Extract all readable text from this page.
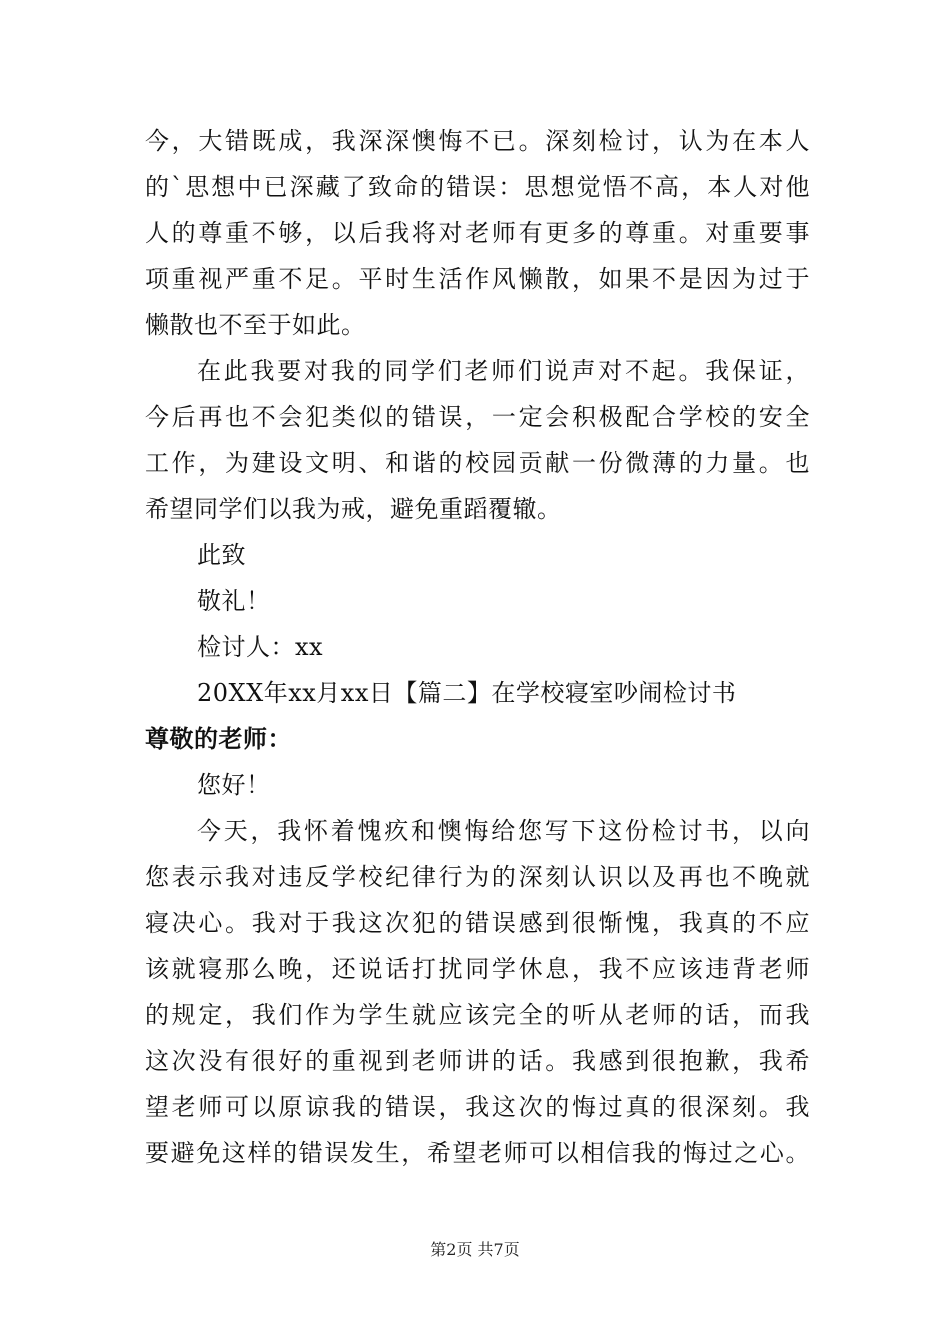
今，大错既成，我深深懊悔不已。深刻检讨，认为在本人
的`思想中已深藏了致命的错误：思想觉悟不高，本人对他
人的尊重不够，以后我将对老师有更多的尊重。对重要事
项重视严重不足。平时生活作风懒散，如果不是因为过于
懒散也不至于如此。
在此我要对我的同学们老师们说声对不起。我保证，
今后再也不会犯类似的错误，一定会积极配合学校的安全
工作，为建设文明、和谐的校园贡献一份微薄的力量。也
希望同学们以我为戒，避免重蹈覆辙。
此致
敬礼！
检讨人：xx
20XX年xx月xx日【篇二】在学校寝室吵闹检讨书
尊敬的老师：
您好！
今天，我怀着愧疚和懊悔给您写下这份检讨书，以向
您表示我对违反学校纪律行为的深刻认识以及再也不晚就
寝决心。我对于我这次犯的错误感到很惭愧，我真的不应
该就寝那么晚，还说话打扰同学休息，我不应该违背老师
的规定，我们作为学生就应该完全的听从老师的话，而我
这次没有很好的重视到老师讲的话。我感到很抱歉，我希
望老师可以原谅我的错误，我这次的悔过真的很深刻。我
要避免这样的错误发生，希望老师可以相信我的悔过之心。
第2页 共7页
